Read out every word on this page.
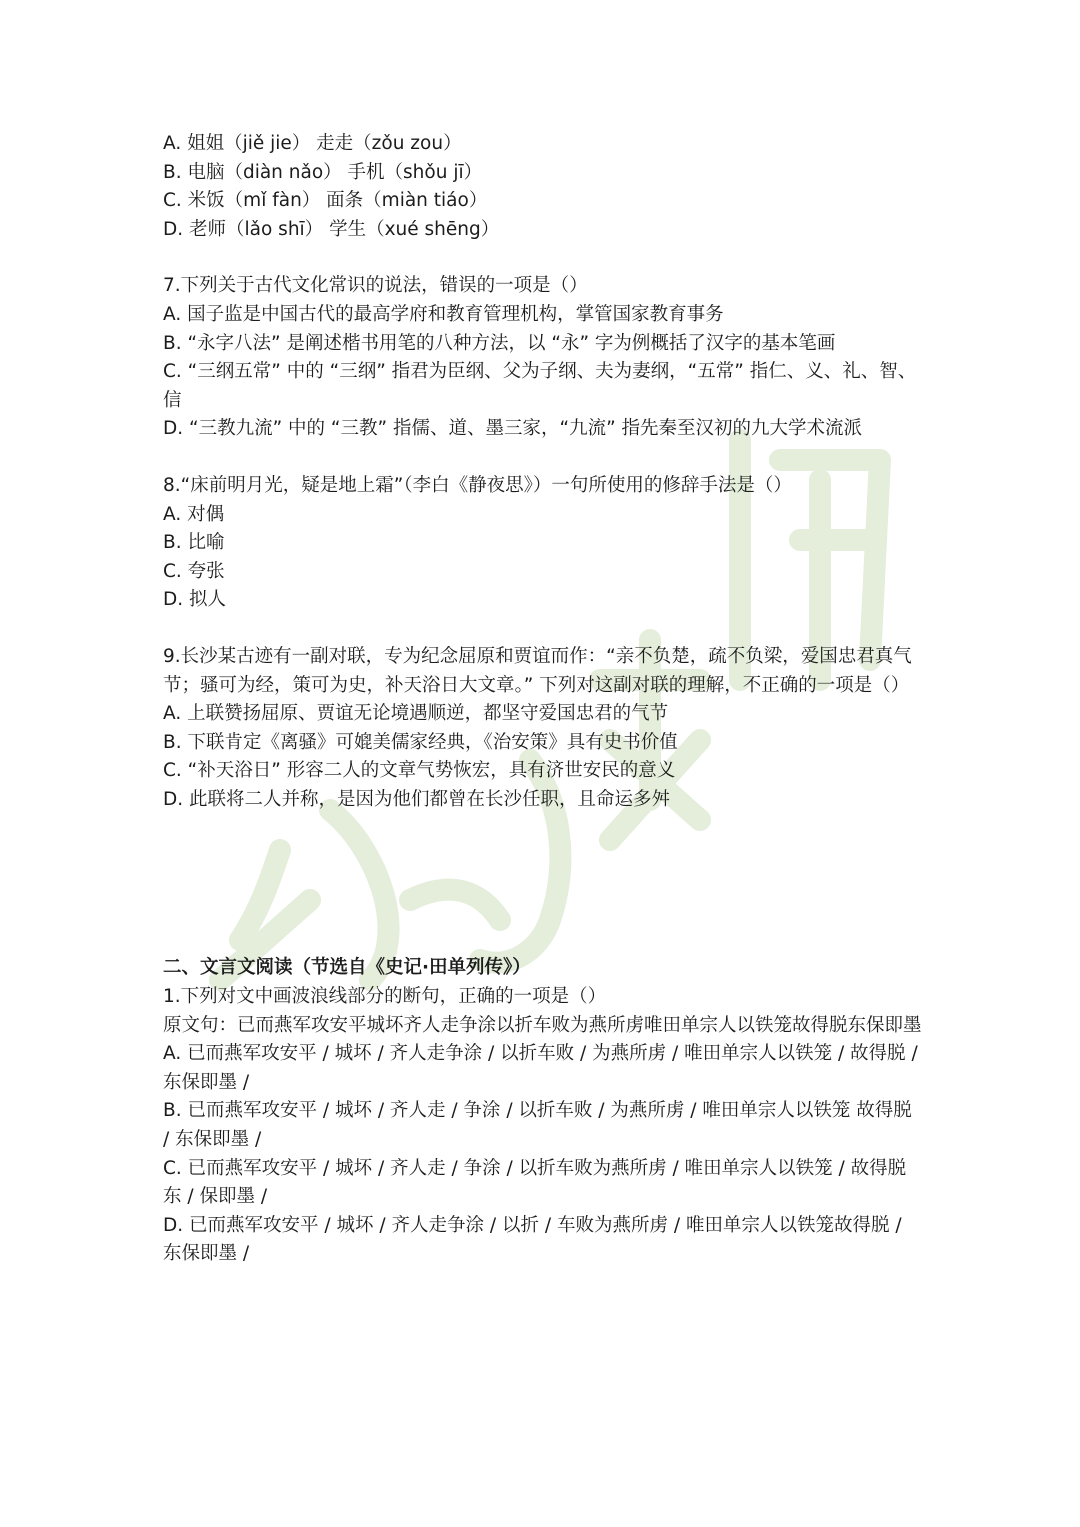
A. 姐姐（jiě jie） 走走（zǒu zou）
B. 电脑（diàn nǎo） 手机（shǒu jī）
C. 米饭（mǐ fàn） 面条（miàn tiáo）
D. 老师（lǎo shī） 学生（xué shēng）
7.下列关于古代文化常识的说法，错误的一项是（）
A. 国子监是中国古代的最高学府和教育管理机构，掌管国家教育事务
B. “永字八法” 是阐述楷书用笔的八种方法，以 “永” 字为例概括了汉字的基本笔画
C. “三纲五常” 中的 “三纲” 指君为臣纲、父为子纲、夫为妻纲，“五常” 指仁、义、礼、智、信
D. “三教九流” 中的 “三教” 指儒、道、墨三家，“九流” 指先秦至汉初的九大学术流派
8.“床前明月光，疑是地上霜”（李白《静夜思》）一句所使用的修辞手法是（）
A. 对偶
B. 比喻
C. 夸张
D. 拟人
9.长沙某古迹有一副对联，专为纪念屈原和贾谊而作：“亲不负楚，疏不负梁，爱国忠君真气节；骚可为经，策可为史，补天浴日大文章。” 下列对这副对联的理解，不正确的一项是（）
A. 上联赞扬屈原、贾谊无论境遇顺逆，都坚守爱国忠君的气节
B. 下联肯定《离骚》可媲美儒家经典，《治安策》具有史书价值
C. “补天浴日” 形容二人的文章气势恢宏，具有济世安民的意义
D. 此联将二人并称，是因为他们都曾在长沙任职，且命运多舛
二、文言文阅读（节选自《史记·田单列传》）
1.下列对文中画波浪线部分的断句，正确的一项是（）
原文句：已而燕军攻安平城坏齐人走争涂以折车败为燕所虏唯田单宗人以铁笼故得脱东保即墨
A. 已而燕军攻安平 / 城坏 / 齐人走争涂 / 以折车败 / 为燕所虏 / 唯田单宗人以铁笼 / 故得脱 / 东保即墨 /
B. 已而燕军攻安平 / 城坏 / 齐人走 / 争涂 / 以折车败 / 为燕所虏 / 唯田单宗人以铁笼 故得脱 / 东保即墨 /
C. 已而燕军攻安平 / 城坏 / 齐人走 / 争涂 / 以折车败为燕所虏 / 唯田单宗人以铁笼 / 故得脱东 / 保即墨 /
D. 已而燕军攻安平 / 城坏 / 齐人走争涂 / 以折 / 车败为燕所虏 / 唯田单宗人以铁笼故得脱 / 东保即墨 /
